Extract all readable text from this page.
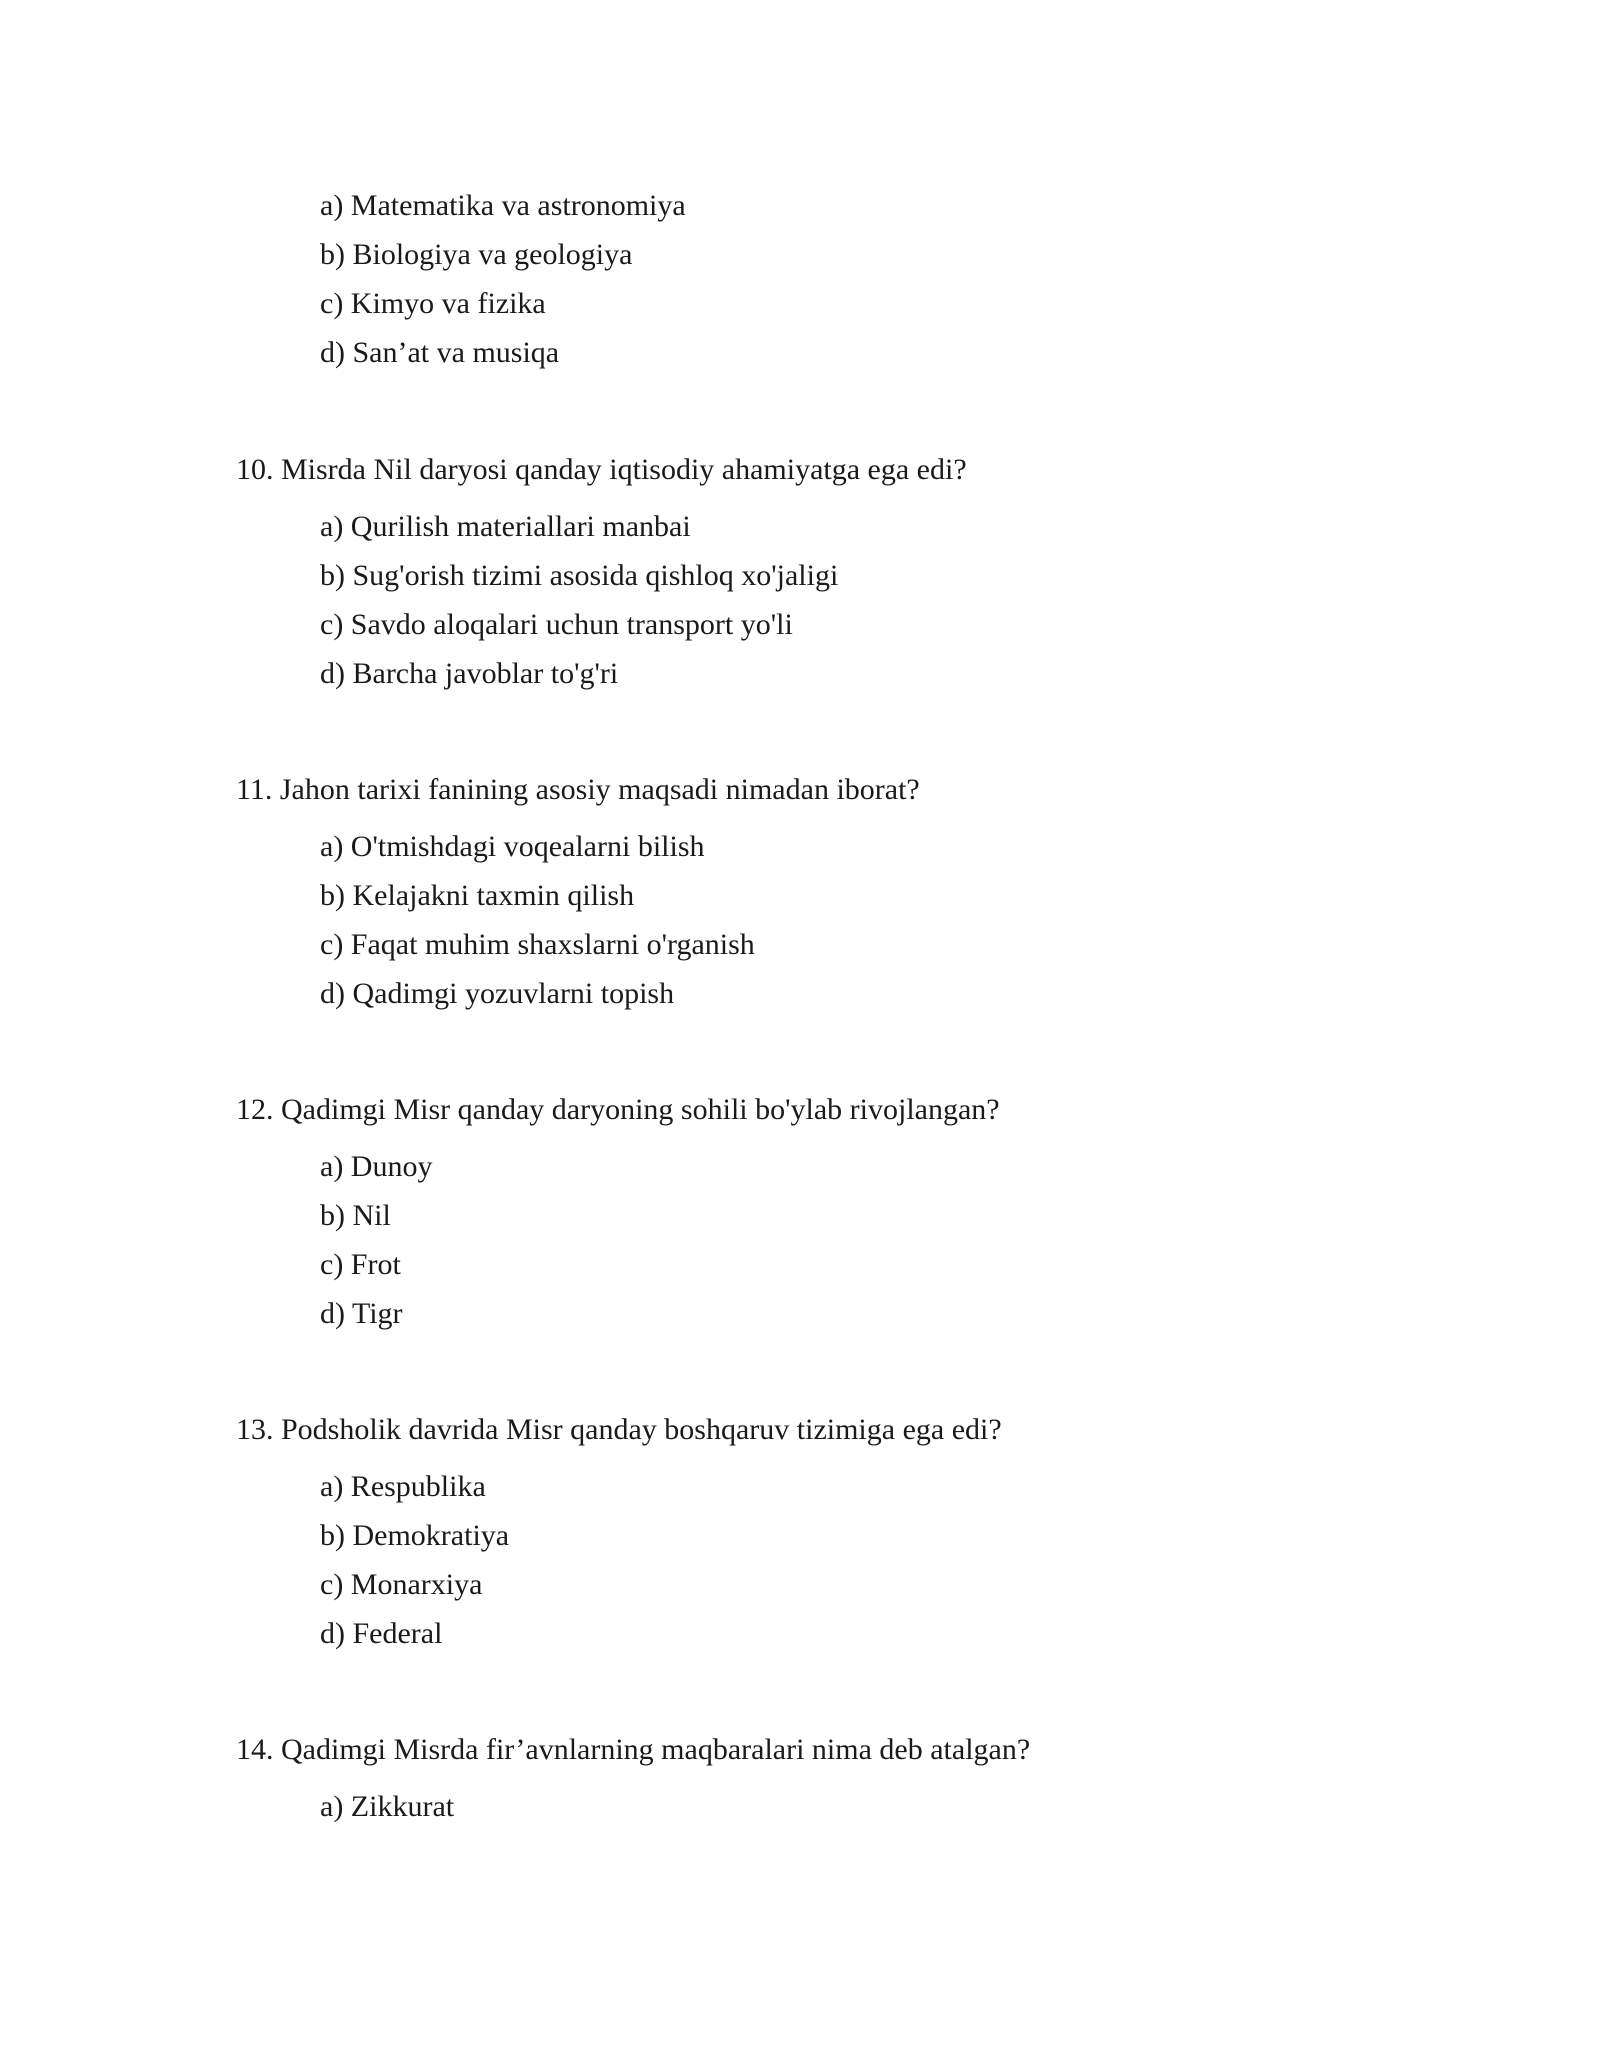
a) Matematika va astronomiya
b) Biologiya va geologiya
c) Kimyo va fizika
d) San’at va musiqa
10. Misrda Nil daryosi qanday iqtisodiy ahamiyatga ega edi?
a) Qurilish materiallari manbai
b) Sug'orish tizimi asosida qishloq xo'jaligi
c) Savdo aloqalari uchun transport yo'li
d) Barcha javoblar to'g'ri
11. Jahon tarixi fanining asosiy maqsadi nimadan iborat?
a) O'tmishdagi voqealarni bilish
b) Kelajakni taxmin qilish
c) Faqat muhim shaxslarni o'rganish
d) Qadimgi yozuvlarni topish
12. Qadimgi Misr qanday daryoning sohili bo'ylab rivojlangan?
a) Dunoy
b) Nil
c) Frot
d) Tigr
13. Podsholik davrida Misr qanday boshqaruv tizimiga ega edi?
a) Respublika
b) Demokratiya
c) Monarxiya
d) Federal
14. Qadimgi Misrda fir’avnlarning maqbaralari nima deb atalgan?
a) Zikkurat
